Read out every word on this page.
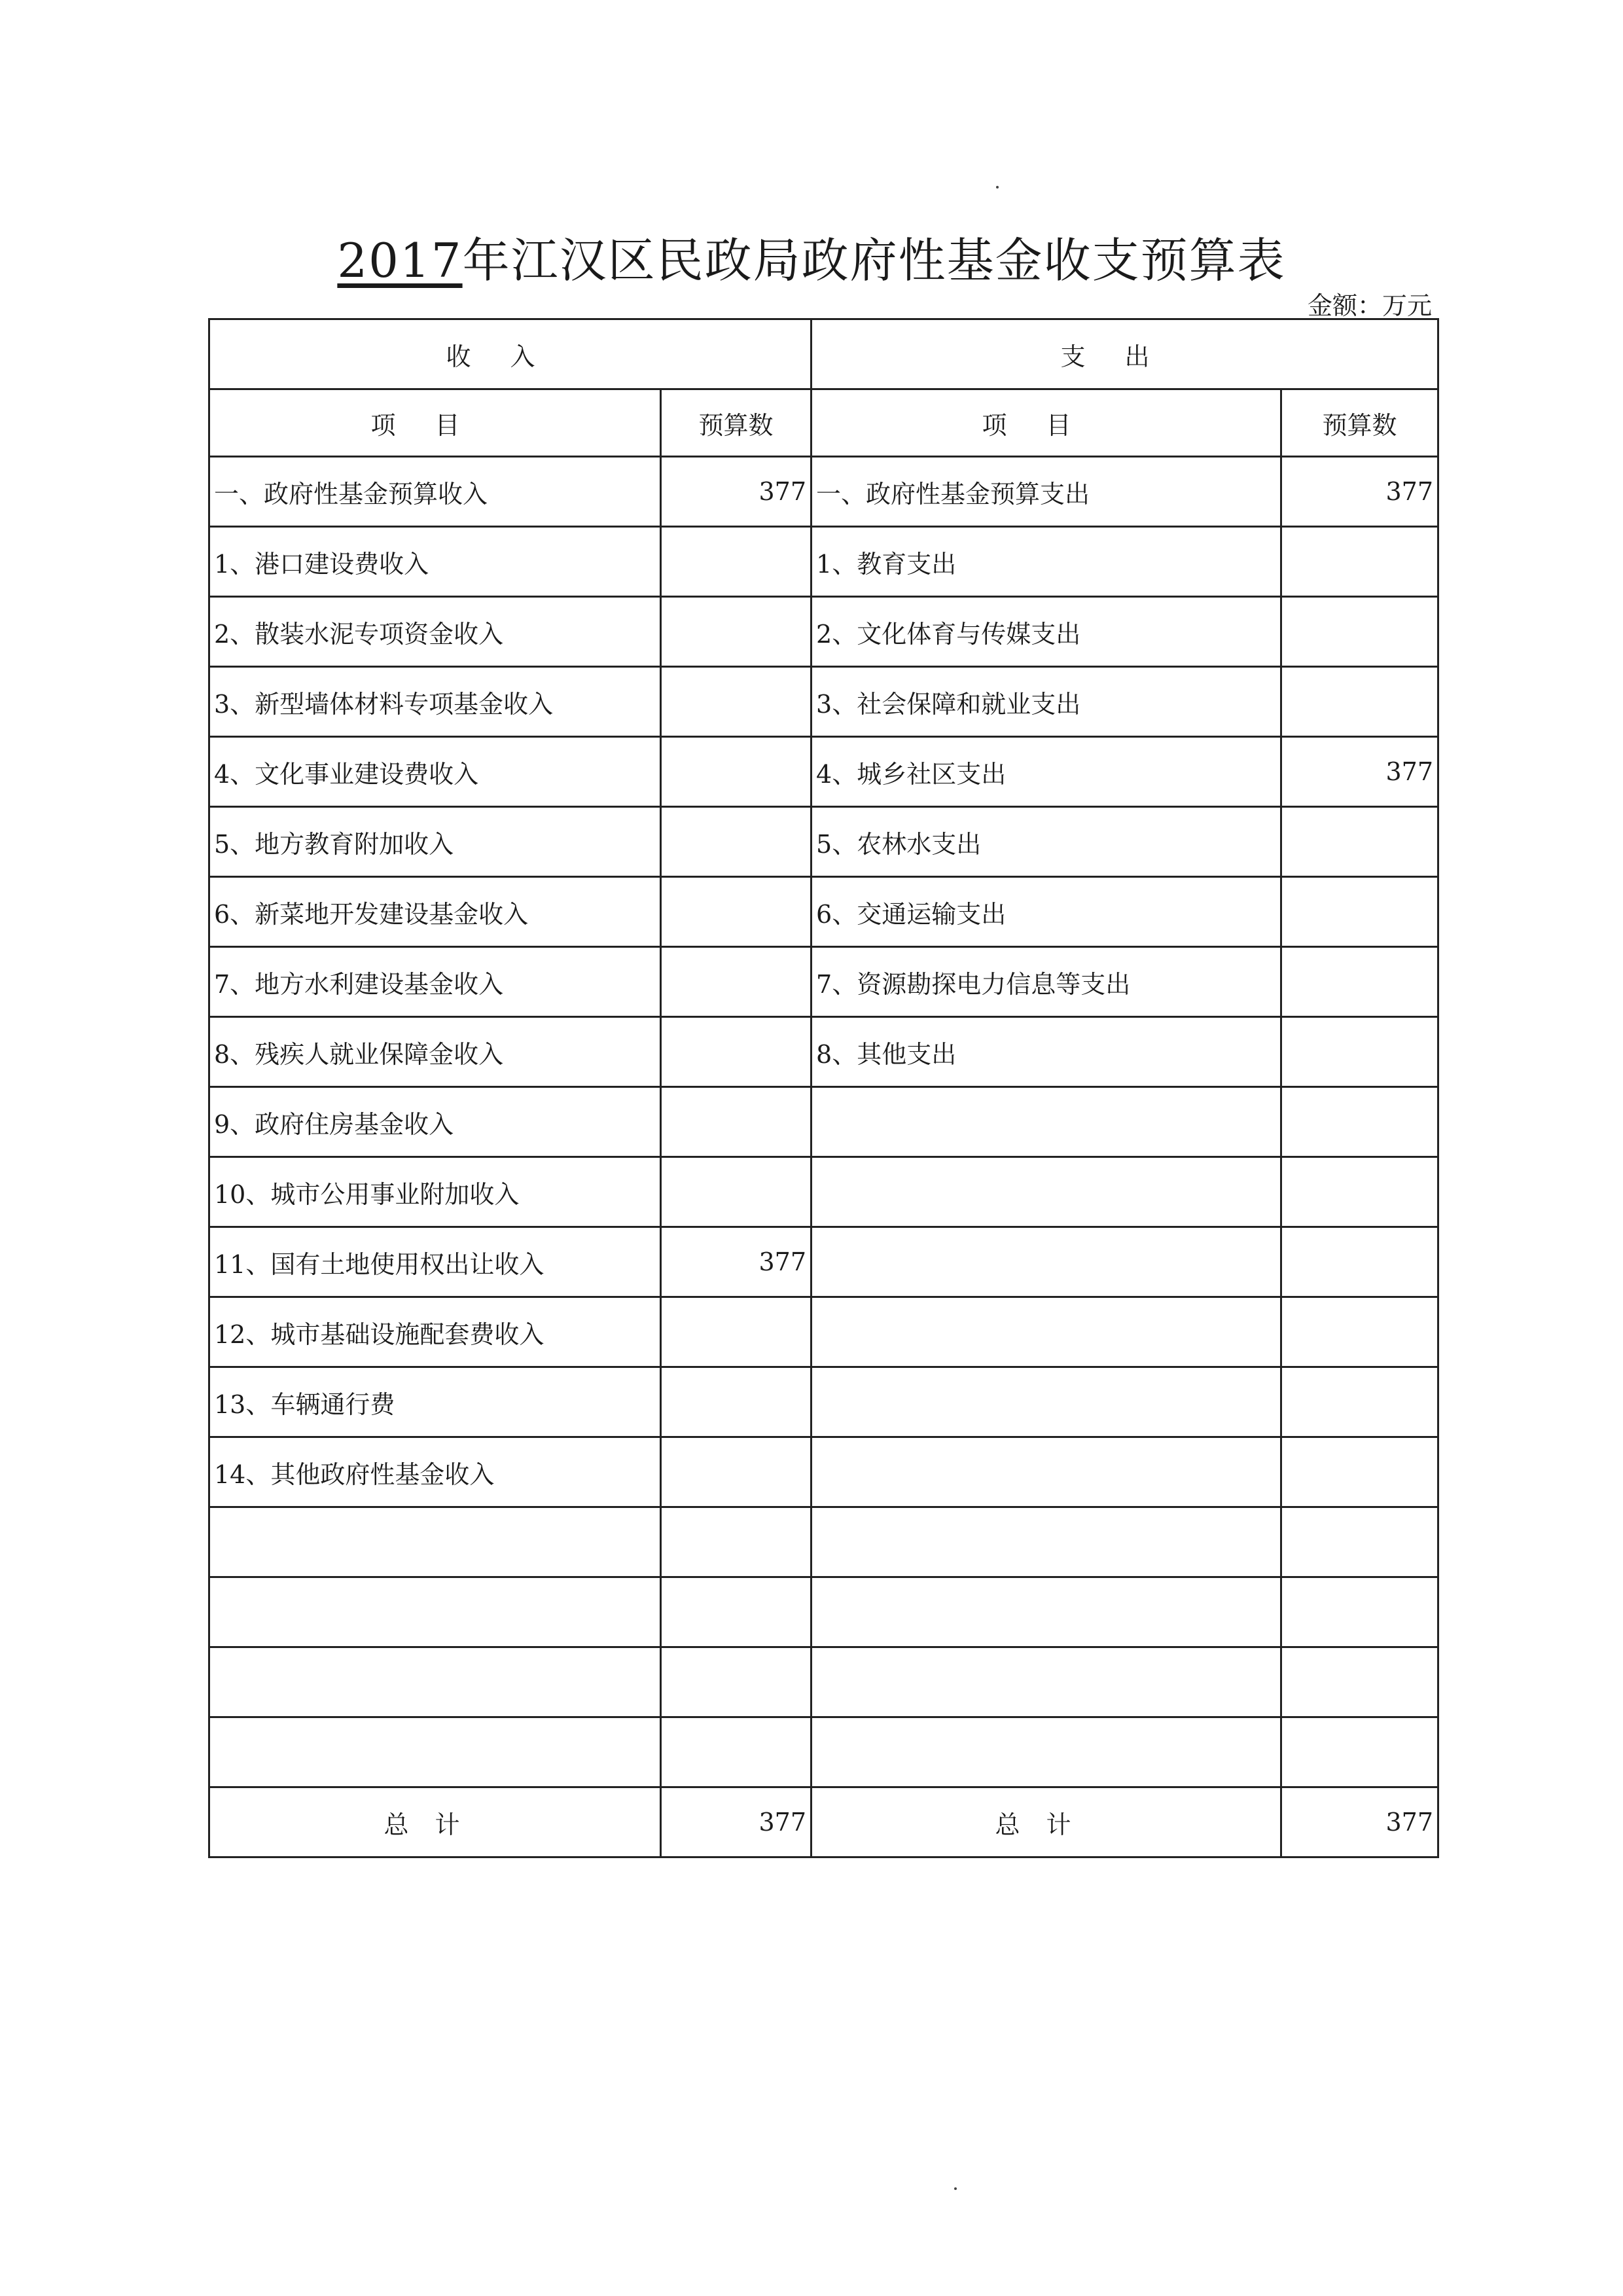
2017年江汉区民政局政府性基金收支预算表
金额：万元
收入		支出	
项目	预算数	项目	预算数
一、政府性基金预算收入	377	一、政府性基金预算支出	377
1、港口建设费收入		1、教育支出	
2、散装水泥专项资金收入		2、文化体育与传媒支出	
3、新型墙体材料专项基金收入		3、社会保障和就业支出	
4、文化事业建设费收入		4、城乡社区支出	377
5、地方教育附加收入		5、农林水支出	
6、新菜地开发建设基金收入		6、交通运输支出	
7、地方水利建设基金收入		7、资源勘探电力信息等支出	
8、残疾人就业保障金收入		8、其他支出	
9、政府住房基金收入			
10、城市公用事业附加收入			
11、国有土地使用权出让收入	377		
12、城市基础设施配套费收入			
13、车辆通行费			
14、其他政府性基金收入			

总计	377	总计	377
